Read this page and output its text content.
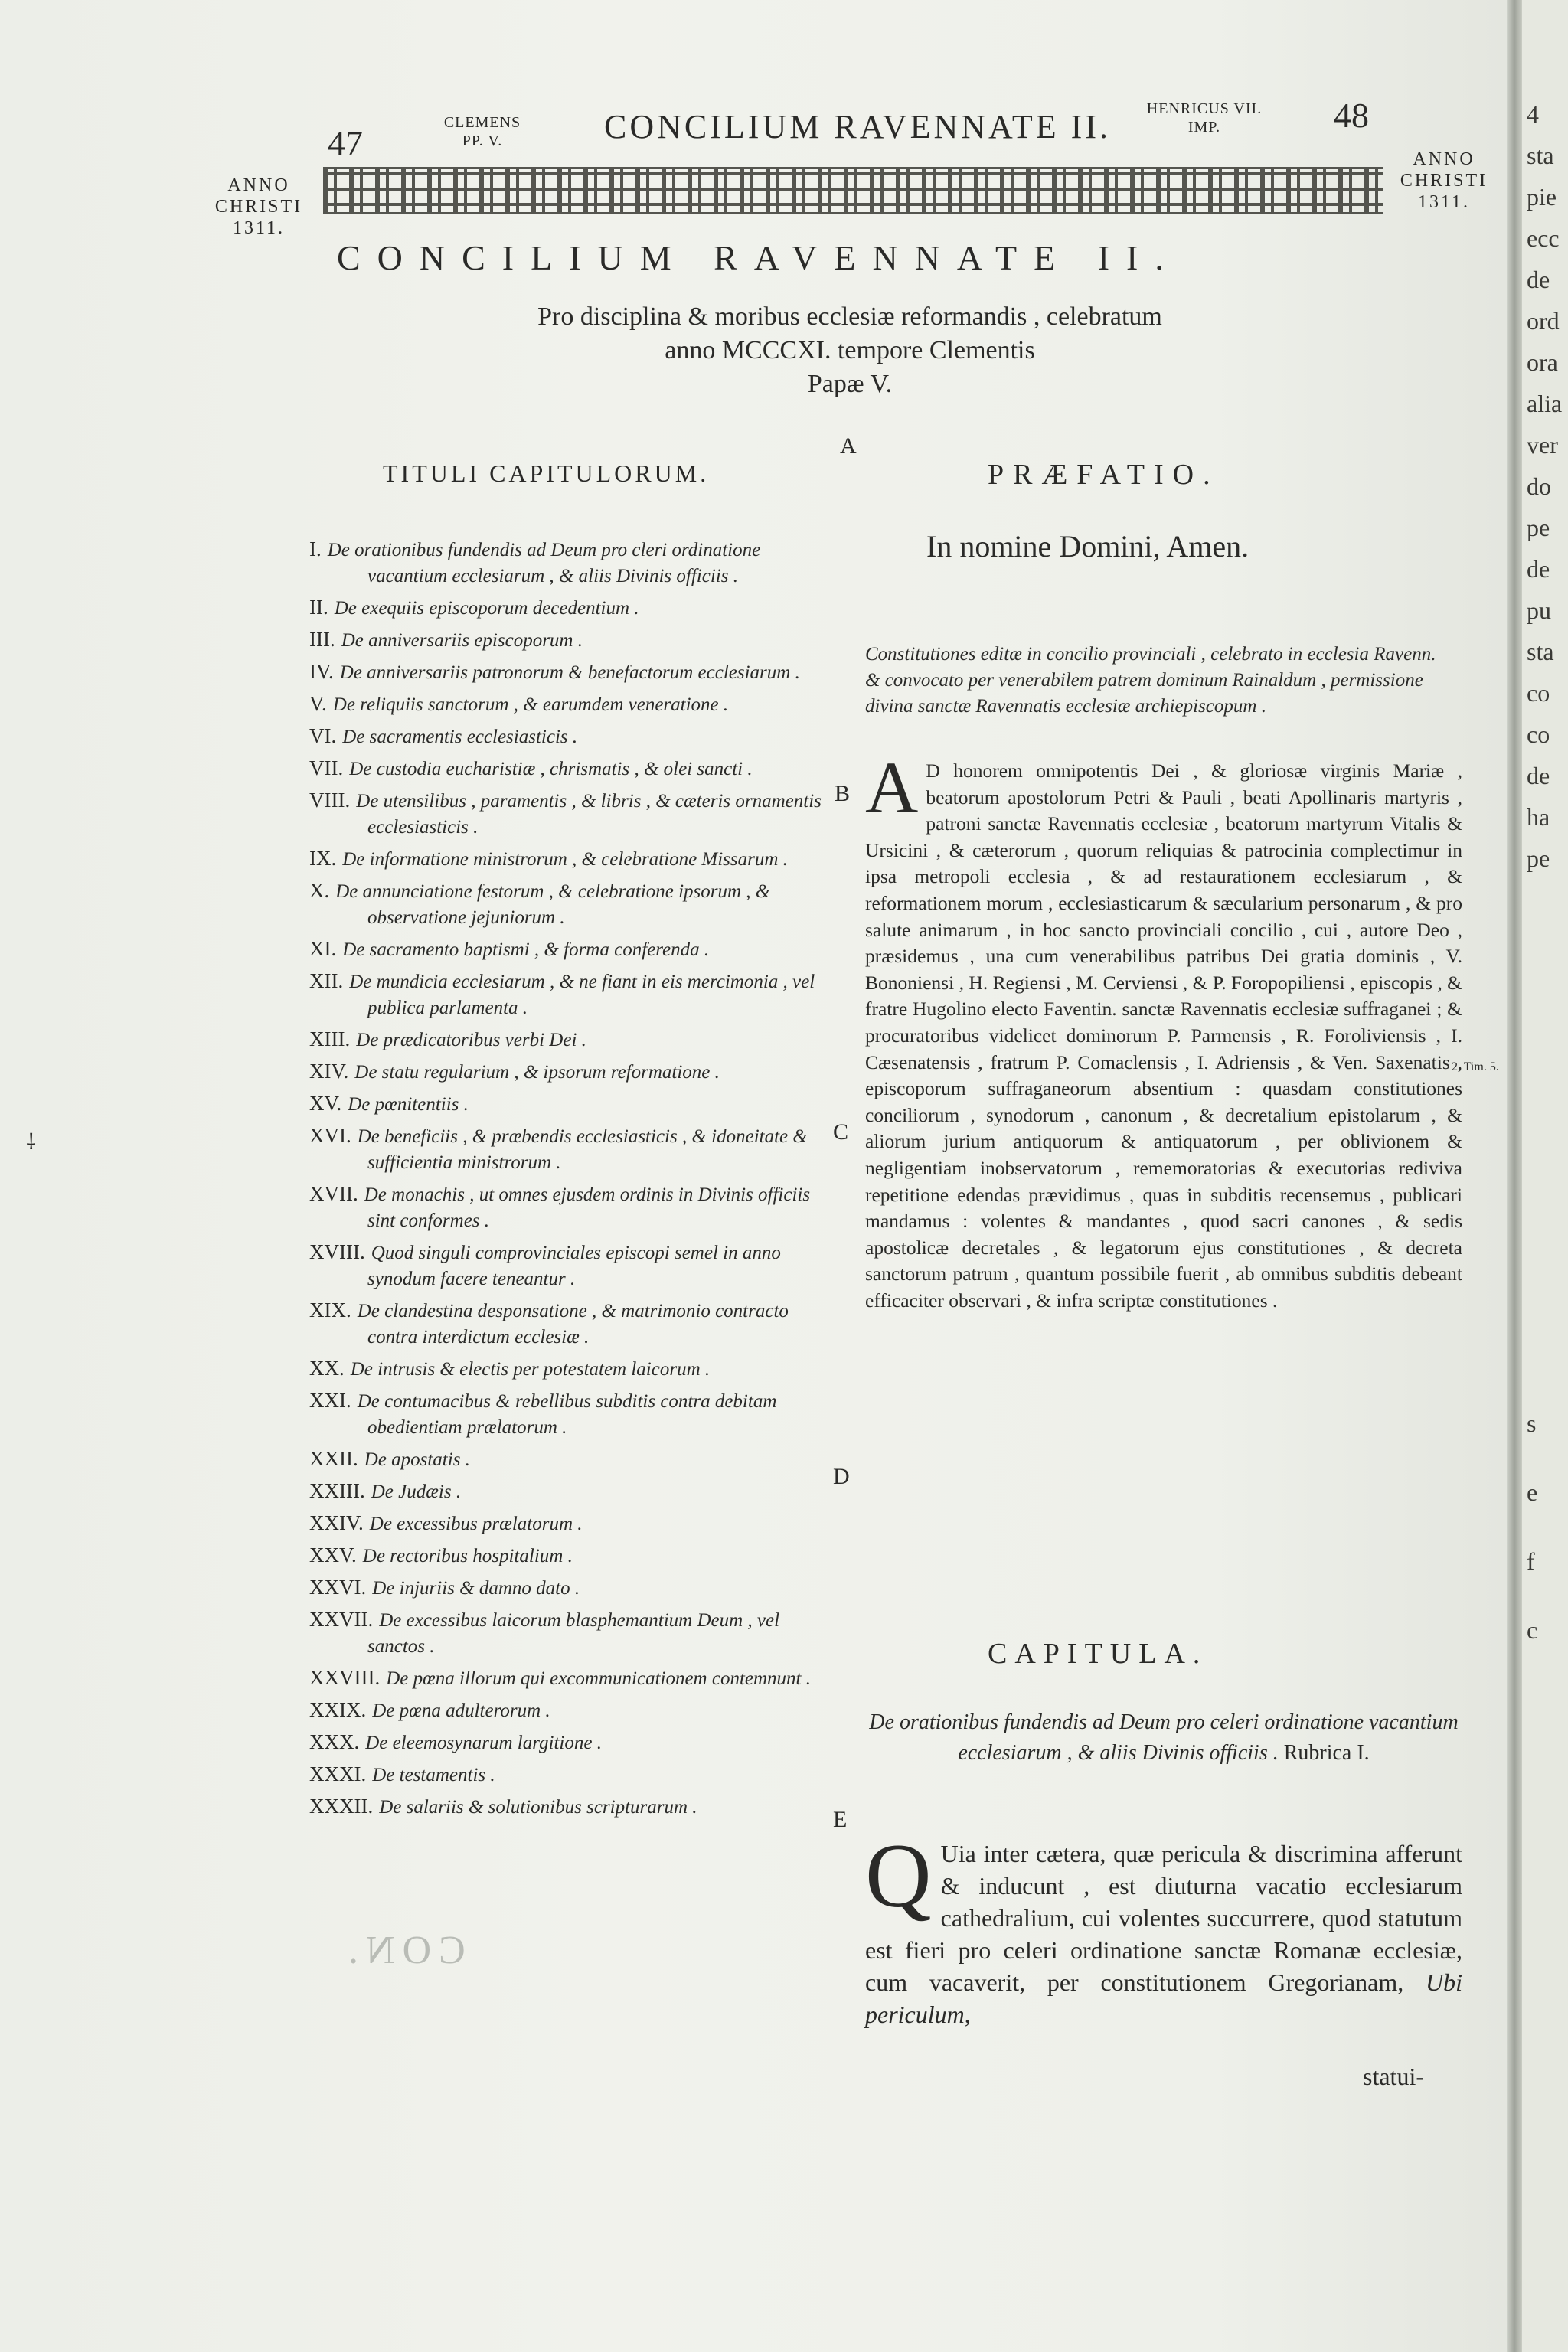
47
CLEMENS
PP. V.	CONCILIUM RAVENNATE II.	HENRICUS VII.
IMP.	48
ANNO
CHRISTI
1311.
ANNO
CHRISTI
1311.
CONCILIUM RAVENNATE II.
Pro disciplina & moribus ecclesiæ reformandis , celebratum
anno MCCCXI. tempore Clementis
Papæ V.
A
B
C
D
E
TITULI CAPITULORUM.
I. De orationibus fundendis ad Deum pro cleri ordinatione vacantium ecclesiarum , & aliis Divinis officiis .
II. De exequiis episcoporum decedentium .
III. De anniversariis episcoporum .
IV. De anniversariis patronorum & benefactorum ecclesiarum .
V. De reliquiis sanctorum , & earumdem veneratione .
VI. De sacramentis ecclesiasticis .
VII. De custodia eucharistiæ , chrismatis , & olei sancti .
VIII. De utensilibus , paramentis , & libris , & cæteris ornamentis ecclesiasticis .
IX. De informatione ministrorum , & celebratione Missarum .
X. De annunciatione festorum , & celebratione ipsorum , & observatione jejuniorum .
XI. De sacramento baptismi , & forma conferenda .
XII. De mundicia ecclesiarum , & ne fiant in eis mercimonia , vel publica parlamenta .
XIII. De prædicatoribus verbi Dei .
XIV. De statu regularium , & ipsorum reformatione .
XV. De pœnitentiis .
XVI. De beneficiis , & præbendis ecclesiasticis , & idoneitate & sufficientia ministrorum .
XVII. De monachis , ut omnes ejusdem ordinis in Divinis officiis sint conformes .
XVIII. Quod singuli comprovinciales episcopi semel in anno synodum facere teneantur .
XIX. De clandestina desponsatione , & matrimonio contracto contra interdictum ecclesiæ .
XX. De intrusis & electis per potestatem laicorum .
XXI. De contumacibus & rebellibus subditis contra debitam obedientiam prælatorum .
XXII. De apostatis .
XXIII. De Judæis .
XXIV. De excessibus prælatorum .
XXV. De rectoribus hospitalium .
XXVI. De injuriis & damno dato .
XXVII. De excessibus laicorum blasphemantium Deum , vel sanctos .
XXVIII. De pœna illorum qui excommunicationem contemnunt .
XXIX. De pœna adulterorum .
XXX. De eleemosynarum largitione .
XXXI. De testamentis .
XXXII. De salariis & solutionibus scripturarum .
CON.
PRÆFATIO.
In nomine Domini, Amen.
Constitutiones editæ in concilio provinciali , celebrato in ecclesia Ravenn. & convocato per venerabilem patrem dominum Rainaldum , permissione divina sanctæ Ravennatis ecclesiæ archiepiscopum .
A D honorem omnipotentis Dei , & gloriosæ virginis Mariæ , beatorum apostolorum Petri & Pauli , beati Apollinaris martyris , patroni sanctæ Ravennatis ecclesiæ , beatorum martyrum Vitalis & Ursicini , & cæterorum , quorum reliquias & patrocinia complectimur in ipsa metropoli ecclesia , & ad restaurationem ecclesiarum , & reformationem morum , ecclesiasticarum & sæcularium personarum , & pro salute animarum , in hoc sancto provinciali concilio , cui , autore Deo , præsidemus , una cum venerabilibus patribus Dei gratia dominis , V. Bononiensi , H. Regiensi , M. Cerviensi , & P. Foropopiliensi , episcopis , & fratre Hugolino electo Faventin. sanctæ Ravennatis ecclesiæ suffraganei ; & procuratoribus videlicet dominorum P. Parmensis , R. Foroliviensis , I. Cæsenatensis , fratrum P. Comaclensis , I. Adriensis , & Ven. Saxenatis , episcoporum suffraganeorum absentium : quasdam constitutiones conciliorum , synodorum , canonum , & decretalium epistolarum , & aliorum jurium antiquorum & antiquatorum , per oblivionem & negligentiam inobservatorum , rememoratorias & executorias rediviva repetitione edendas prævidimus , quas in subditis recensemus , publicari mandamus : volentes & mandantes , quod sacri canones , & sedis apostolicæ decretales , & legatorum ejus constitutiones , & decreta sanctorum patrum , quantum possibile fuerit , ab omnibus subditis debeant efficaciter observari , & infra scriptæ constitutiones .
CAPITULA.
De orationibus fundendis ad Deum pro celeri ordinatione vacantium ecclesiarum , & aliis Divinis officiis . Rubrica I.
Q Uia inter cætera, quæ pericula & discrimina afferunt & inducunt , est diuturna vacatio ecclesiarum cathedralium, cui volentes succurrere, quod statutum est fieri pro celeri ordinatione sanctæ Romanæ ecclesiæ, cum vacaverit, per constitutionem Gregorianam, Ubi periculum,
statui-
2. Tim. 5.
⸸
4
sta
pie
ecc
de
ord
ora
alia
ver
do
pe
de
pu
sta
co
co
de
ha
pe
s
e
f
c
